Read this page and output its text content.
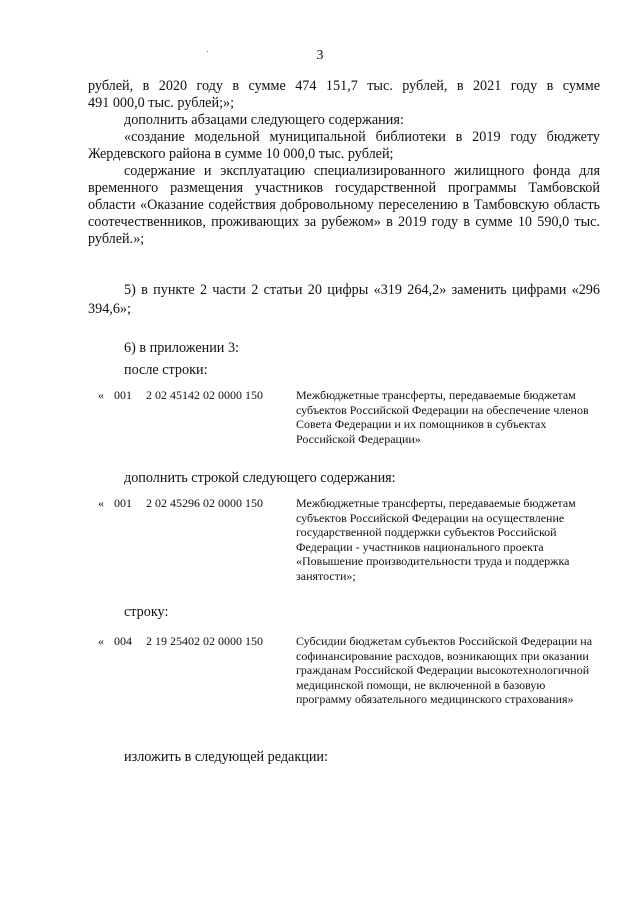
3

рублей, в 2020 году в сумме 474 151,7 тыс. рублей, в 2021 году в сумме

491 000,0 тыс. рублей;»;

дополнить абзацами следующего содержания:

«создание модельной муниципальной библиотеки в 2019 году бюджету Жердевского района в сумме 10 000,0 тыс. рублей;

содержание и эксплуатацию специализированного жилищного фонда для временного размещения участников государственной программы Тамбовской области «Оказание содействия добровольному переселению в Тамбовскую область соотечественников, проживающих за рубежом» в 2019 году в сумме 10 590,0 тыс. рублей.»;

5) в пункте 2 части 2 статьи 20 цифры «319 264,2» заменить цифрами «296 394,6»;

6) в приложении 3:
после строки:
« 001 2 02 45142 02 0000 150	Межбюджетные трансферты, передаваемые бюджетам субъектов Российской Федерации на обеспечение членов Совета Федерации и их помощников в субъектах Российской Федерации»
дополнить строкой следующего содержания:
« 001 2 02 45296 02 0000 150	Межбюджетные трансферты, передаваемые бюджетам субъектов Российской Федерации на осуществление государственной поддержки субъектов Российской Федерации - участников национального проекта «Повышение производительности труда и поддержка занятости»;
строку:
« 004 2 19 25402 02 0000 150	Субсидии бюджетам субъектов Российской Федерации на софинансирование расходов, возникающих при оказании гражданам Российской Федерации высокотехнологичной медицинской помощи, не включенной в базовую программу обязательного медицинского страхования»
изложить в следующей редакции:
